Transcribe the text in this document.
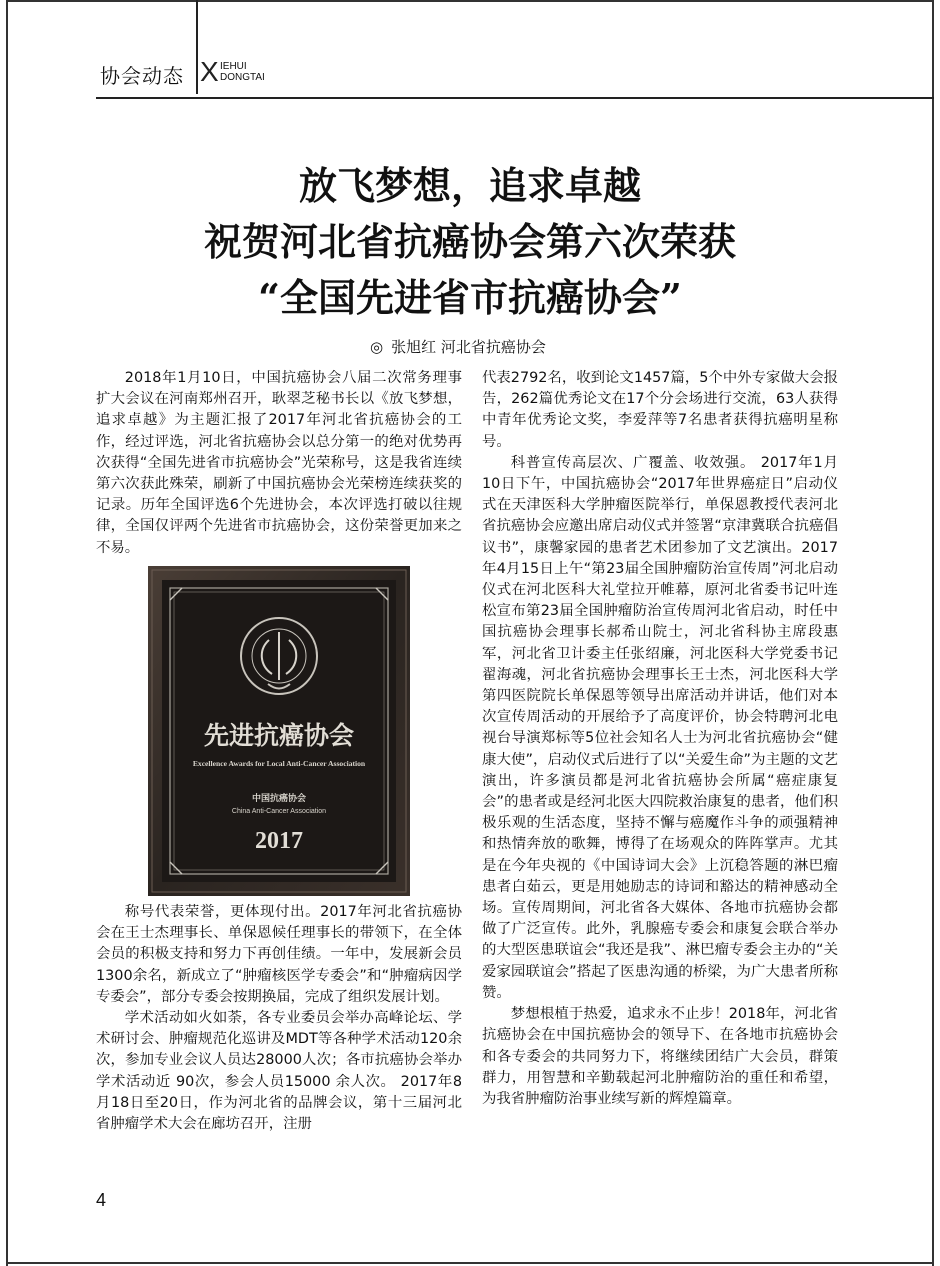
协会动态 X IEHUI
DONGTAI
放飞梦想，追求卓越
祝贺河北省抗癌协会第六次荣获
“全国先进省市抗癌协会”
◎ 张旭红 河北省抗癌协会

2018年1月10日，中国抗癌协会八届二次常务理事扩大会议在河南郑州召开，耿翠芝秘书长以《放飞梦想，追求卓越》为主题汇报了2017年河北省抗癌协会的工作，经过评选，河北省抗癌协会以总分第一的绝对优势再次获得“全国先进省市抗癌协会”光荣称号，这是我省连续第六次获此殊荣，刷新了中国抗癌协会光荣榜连续获奖的记录。历年全国评选6个先进协会，本次评选打破以往规律，全国仅评两个先进省市抗癌协会，这份荣誉更加来之不易。

先进抗癌协会
Excellence Awards for Local Anti-Cancer Association
中国抗癌协会
China Anti-Cancer Association
2017

称号代表荣誉，更体现付出。2017年河北省抗癌协会在王士杰理事长、单保恩候任理事长的带领下，在全体会员的积极支持和努力下再创佳绩。一年中，发展新会员1300余名，新成立了“肿瘤核医学专委会”和“肿瘤病因学专委会”，部分专委会按期换届，完成了组织发展计划。

学术活动如火如荼，各专业委员会举办高峰论坛、学术研讨会、肿瘤规范化巡讲及MDT等各种学术活动120余次，参加专业会议人员达28000人次；各市抗癌协会举办学术活动近 90次，参会人员15000 余人次。 2017年8月18日至20日，作为河北省的品牌会议，第十三届河北省肿瘤学术大会在廊坊召开，注册

代表2792名，收到论文1457篇，5个中外专家做大会报告，262篇优秀论文在17个分会场进行交流，63人获得中青年优秀论文奖，李爱萍等7名患者获得抗癌明星称号。

科普宣传高层次、广覆盖、收效强。 2017年1月10日下午，中国抗癌协会“2017年世界癌症日”启动仪式在天津医科大学肿瘤医院举行，单保恩教授代表河北省抗癌协会应邀出席启动仪式并签署“京津冀联合抗癌倡议书”，康馨家园的患者艺术团参加了文艺演出。2017年4月15日上午“第23届全国肿瘤防治宣传周”河北启动仪式在河北医科大礼堂拉开帷幕，原河北省委书记叶连松宣布第23届全国肿瘤防治宣传周河北省启动，时任中国抗癌协会理事长郝希山院士，河北省科协主席段惠军，河北省卫计委主任张绍廉，河北医科大学党委书记翟海魂，河北省抗癌协会理事长王士杰，河北医科大学第四医院院长单保恩等领导出席活动并讲话，他们对本次宣传周活动的开展给予了高度评价，协会特聘河北电视台导演郑标等5位社会知名人士为河北省抗癌协会“健康大使”，启动仪式后进行了以“关爱生命”为主题的文艺演出，许多演员都是河北省抗癌协会所属“癌症康复会”的患者或是经河北医大四院救治康复的患者，他们积极乐观的生活态度，坚持不懈与癌魔作斗争的顽强精神和热情奔放的歌舞，博得了在场观众的阵阵掌声。尤其是在今年央视的《中国诗词大会》上沉稳答题的淋巴瘤患者白茹云，更是用她励志的诗词和豁达的精神感动全场。宣传周期间，河北省各大媒体、各地市抗癌协会都做了广泛宣传。此外，乳腺癌专委会和康复会联合举办的大型医患联谊会“我还是我”、淋巴瘤专委会主办的“关爱家园联谊会”搭起了医患沟通的桥梁，为广大患者所称赞。

梦想根植于热爱，追求永不止步！2018年，河北省抗癌协会在中国抗癌协会的领导下、在各地市抗癌协会和各专委会的共同努力下，将继续团结广大会员，群策群力，用智慧和辛勤载起河北肿瘤防治的重任和希望，为我省肿瘤防治事业续写新的辉煌篇章。

4
